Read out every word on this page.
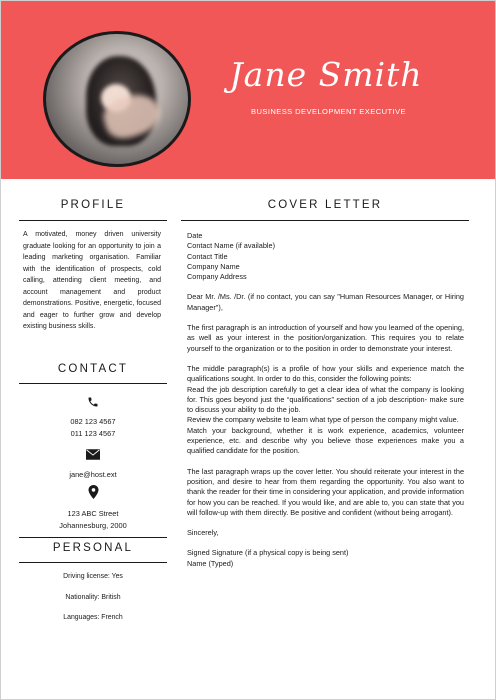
Jane Smith
BUSINESS DEVELOPMENT EXECUTIVE
PROFILE
A motivated, money driven university graduate looking for an opportunity to join a leading marketing organisation. Familiar with the identification of prospects, cold calling, attending client meeting, and account management and product demonstrations. Positive, energetic, focused and eager to further grow and develop existing business skills.
CONTACT
082 123 4567
011 123 4567
jane@host.ext
123 ABC Street
Johannesburg, 2000
PERSONAL
Driving license: Yes
Nationality: British
Languages: French
COVER LETTER

Date

Contact Name (if available)

Contact Title

Company Name

Company Address

Dear Mr. /Ms. /Dr. (if no contact, you can say "Human Resources Manager, or Hiring Manager"),

The first paragraph is an introduction of yourself and how you learned of the opening, as well as your interest in the position/organization. This requires you to relate yourself to the organization or to the position in order to demonstrate your interest.

The middle paragraph(s) is a profile of how your skills and experience match the qualifications sought. In order to do this, consider the following points:

Read the job description carefully to get a clear idea of what the company is looking for. This goes beyond just the “qualifications” section of a job description- make sure to discuss your ability to do the job.

Review the company website to learn what type of person the company might value.

Match your background, whether it is work experience, academics, volunteer experience, etc. and describe why you believe those experiences make you a qualified candidate for the position.

The last paragraph wraps up the cover letter. You should reiterate your interest in the position, and desire to hear from them regarding the opportunity. You also want to thank the reader for their time in considering your application, and provide information for how you can be reached. If you would like, and are able to, you can state that you will follow-up with them directly. Be positive and confident (without being arrogant).

Sincerely,

Signed Signature (if a physical copy is being sent)

Name (Typed)
